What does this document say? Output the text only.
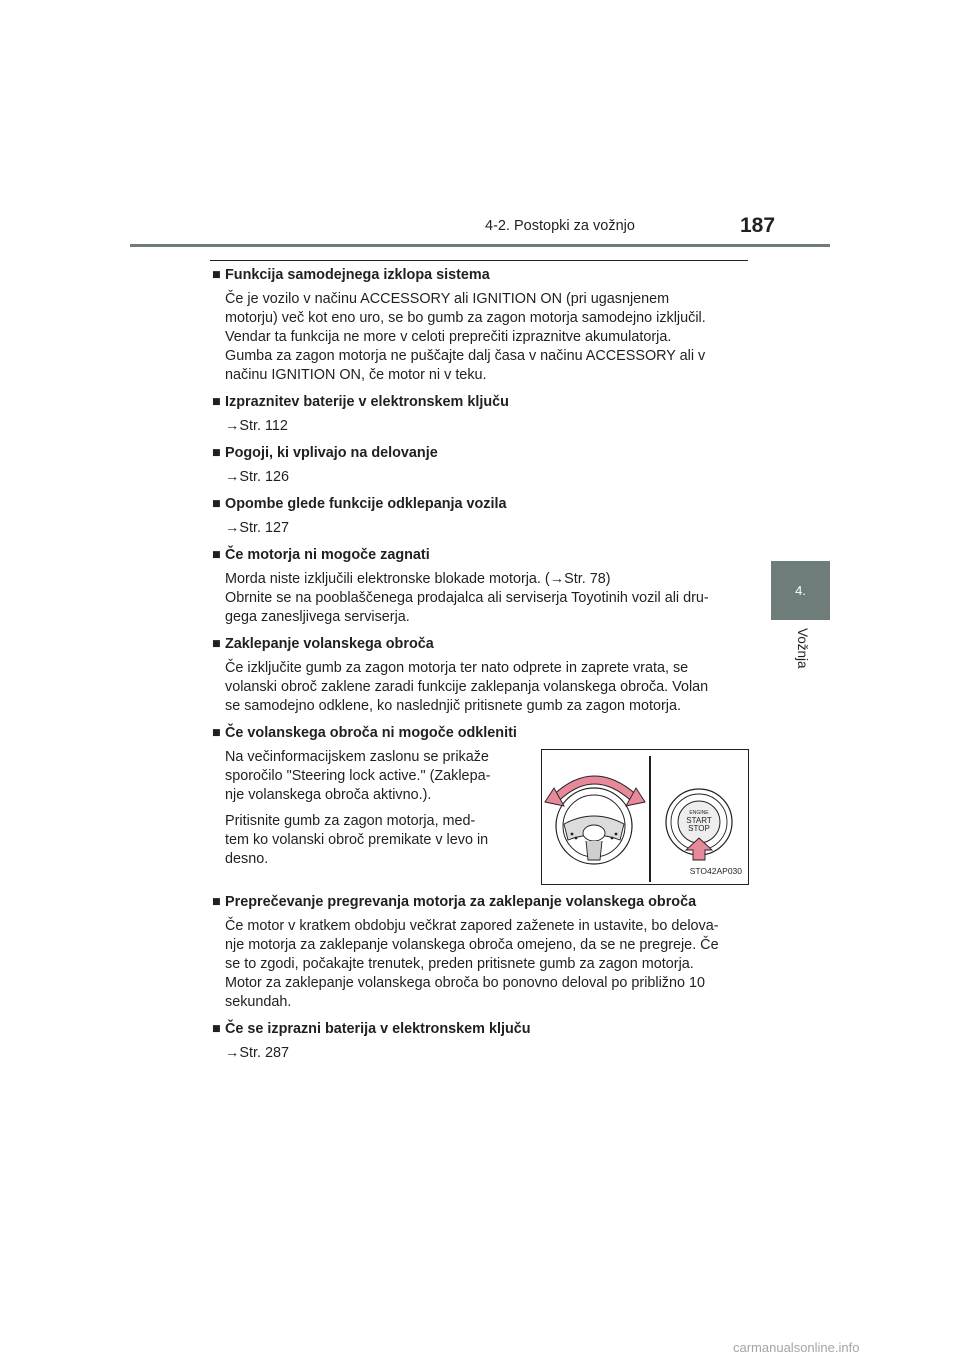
4-2. Postopki za vožnjo	187
4.
Vožnja
■ Funkcija samodejnega izklopa sistema
Če je vozilo v načinu ACCESSORY ali IGNITION ON (pri ugasnjenem
motorju) več kot eno uro, se bo gumb za zagon motorja samodejno izključil.
Vendar ta funkcija ne more v celoti preprečiti izpraznitve akumulatorja.
Gumba za zagon motorja ne puščajte dalj časa v načinu ACCESSORY ali v
načinu IGNITION ON, če motor ni v teku.
■ Izpraznitev baterije v elektronskem ključu
→Str. 112
■ Pogoji, ki vplivajo na delovanje
→Str. 126
■ Opombe glede funkcije odklepanja vozila
→Str. 127
■ Če motorja ni mogoče zagnati
Morda niste izključili elektronske blokade motorja. (→Str. 78)
Obrnite se na pooblaščenega prodajalca ali serviserja Toyotinih vozil ali dru-
gega zanesljivega serviserja.
■ Zaklepanje volanskega obroča
Če izključite gumb za zagon motorja ter nato odprete in zaprete vrata, se
volanski obroč zaklene zaradi funkcije zaklepanja volanskega obroča. Volan
se samodejno odklene, ko naslednjič pritisnete gumb za zagon motorja.
■ Če volanskega obroča ni mogoče odkleniti

Na večinformacijskem zaslonu se prikaže
sporočilo "Steering lock active." (Zaklepa-
nje volanskega obroča aktivno.).

Pritisnite gumb za zagon motorja, med-
tem ko volanski obroč premikate v levo in
desno.

ENGINE
START
STOP
STO42AP030
■ Preprečevanje pregrevanja motorja za zaklepanje volanskega obroča
Če motor v kratkem obdobju večkrat zapored zaženete in ustavite, bo delova-
nje motorja za zaklepanje volanskega obroča omejeno, da se ne pregreje. Če
se to zgodi, počakajte trenutek, preden pritisnete gumb za zagon motorja.
Motor za zaklepanje volanskega obroča bo ponovno deloval po približno 10
sekundah.
■ Če se izprazni baterija v elektronskem ključu
→Str. 287
carmanualsonline.info
